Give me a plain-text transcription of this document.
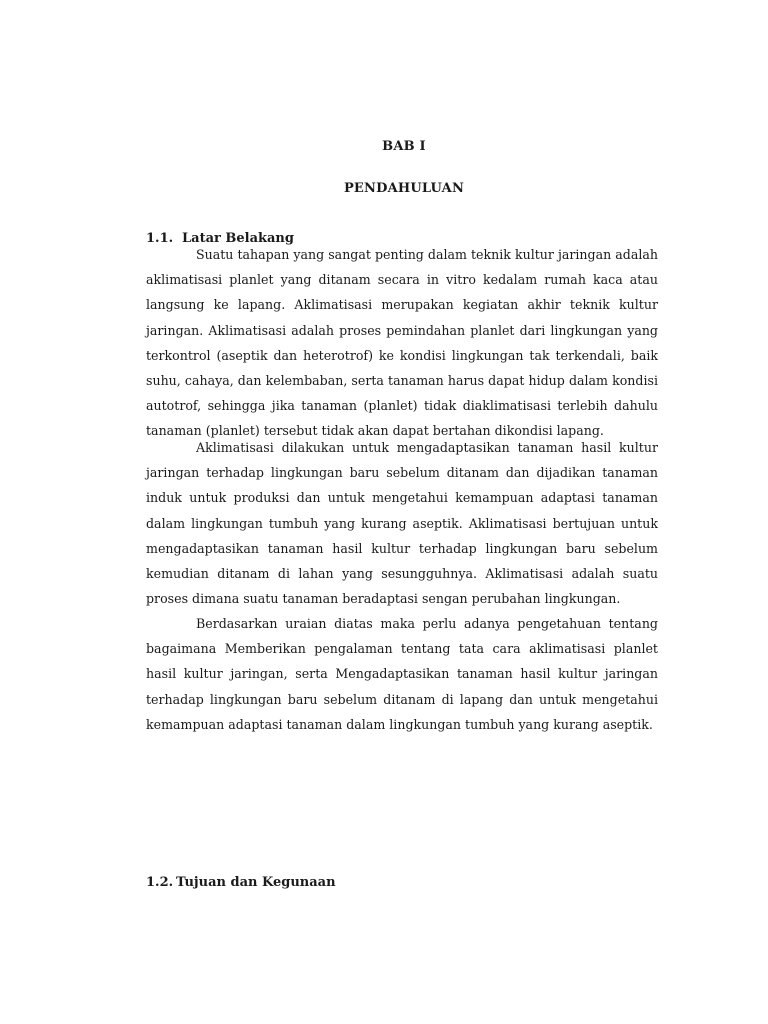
BAB I
PENDAHULUAN
1.1. Latar Belakang

Suatu tahapan yang sangat penting dalam teknik kultur jaringan adalah aklimatisasi planlet yang ditanam secara in vitro kedalam rumah kaca atau langsung ke lapang. Aklimatisasi merupakan kegiatan akhir teknik kultur jaringan. Aklimatisasi adalah proses pemindahan planlet dari lingkungan yang terkontrol (aseptik dan heterotrof) ke kondisi lingkungan tak terkendali, baik suhu, cahaya, dan kelembaban, serta tanaman harus dapat hidup dalam kondisi autotrof, sehingga jika tanaman (planlet) tidak diaklimatisasi terlebih dahulu tanaman (planlet) tersebut tidak akan dapat bertahan dikondisi lapang.

Aklimatisasi dilakukan untuk mengadaptasikan tanaman hasil kultur jaringan terhadap lingkungan baru sebelum ditanam dan dijadikan tanaman induk untuk produksi dan untuk mengetahui kemampuan adaptasi tanaman dalam lingkungan tumbuh yang kurang aseptik. Aklimatisasi bertujuan untuk mengadaptasikan tanaman hasil kultur terhadap lingkungan baru sebelum kemudian ditanam di lahan yang sesungguhnya. Aklimatisasi adalah suatu proses dimana suatu tanaman beradaptasi sengan perubahan lingkungan.

Berdasarkan uraian diatas maka perlu adanya pengetahuan tentang bagaimana Memberikan pengalaman tentang tata cara aklimatisasi planlet hasil kultur jaringan, serta Mengadaptasikan tanaman hasil kultur jaringan terhadap lingkungan baru sebelum ditanam di lapang dan untuk mengetahui kemampuan adaptasi tanaman dalam lingkungan tumbuh yang kurang aseptik.

1.2. Tujuan dan Kegunaan
